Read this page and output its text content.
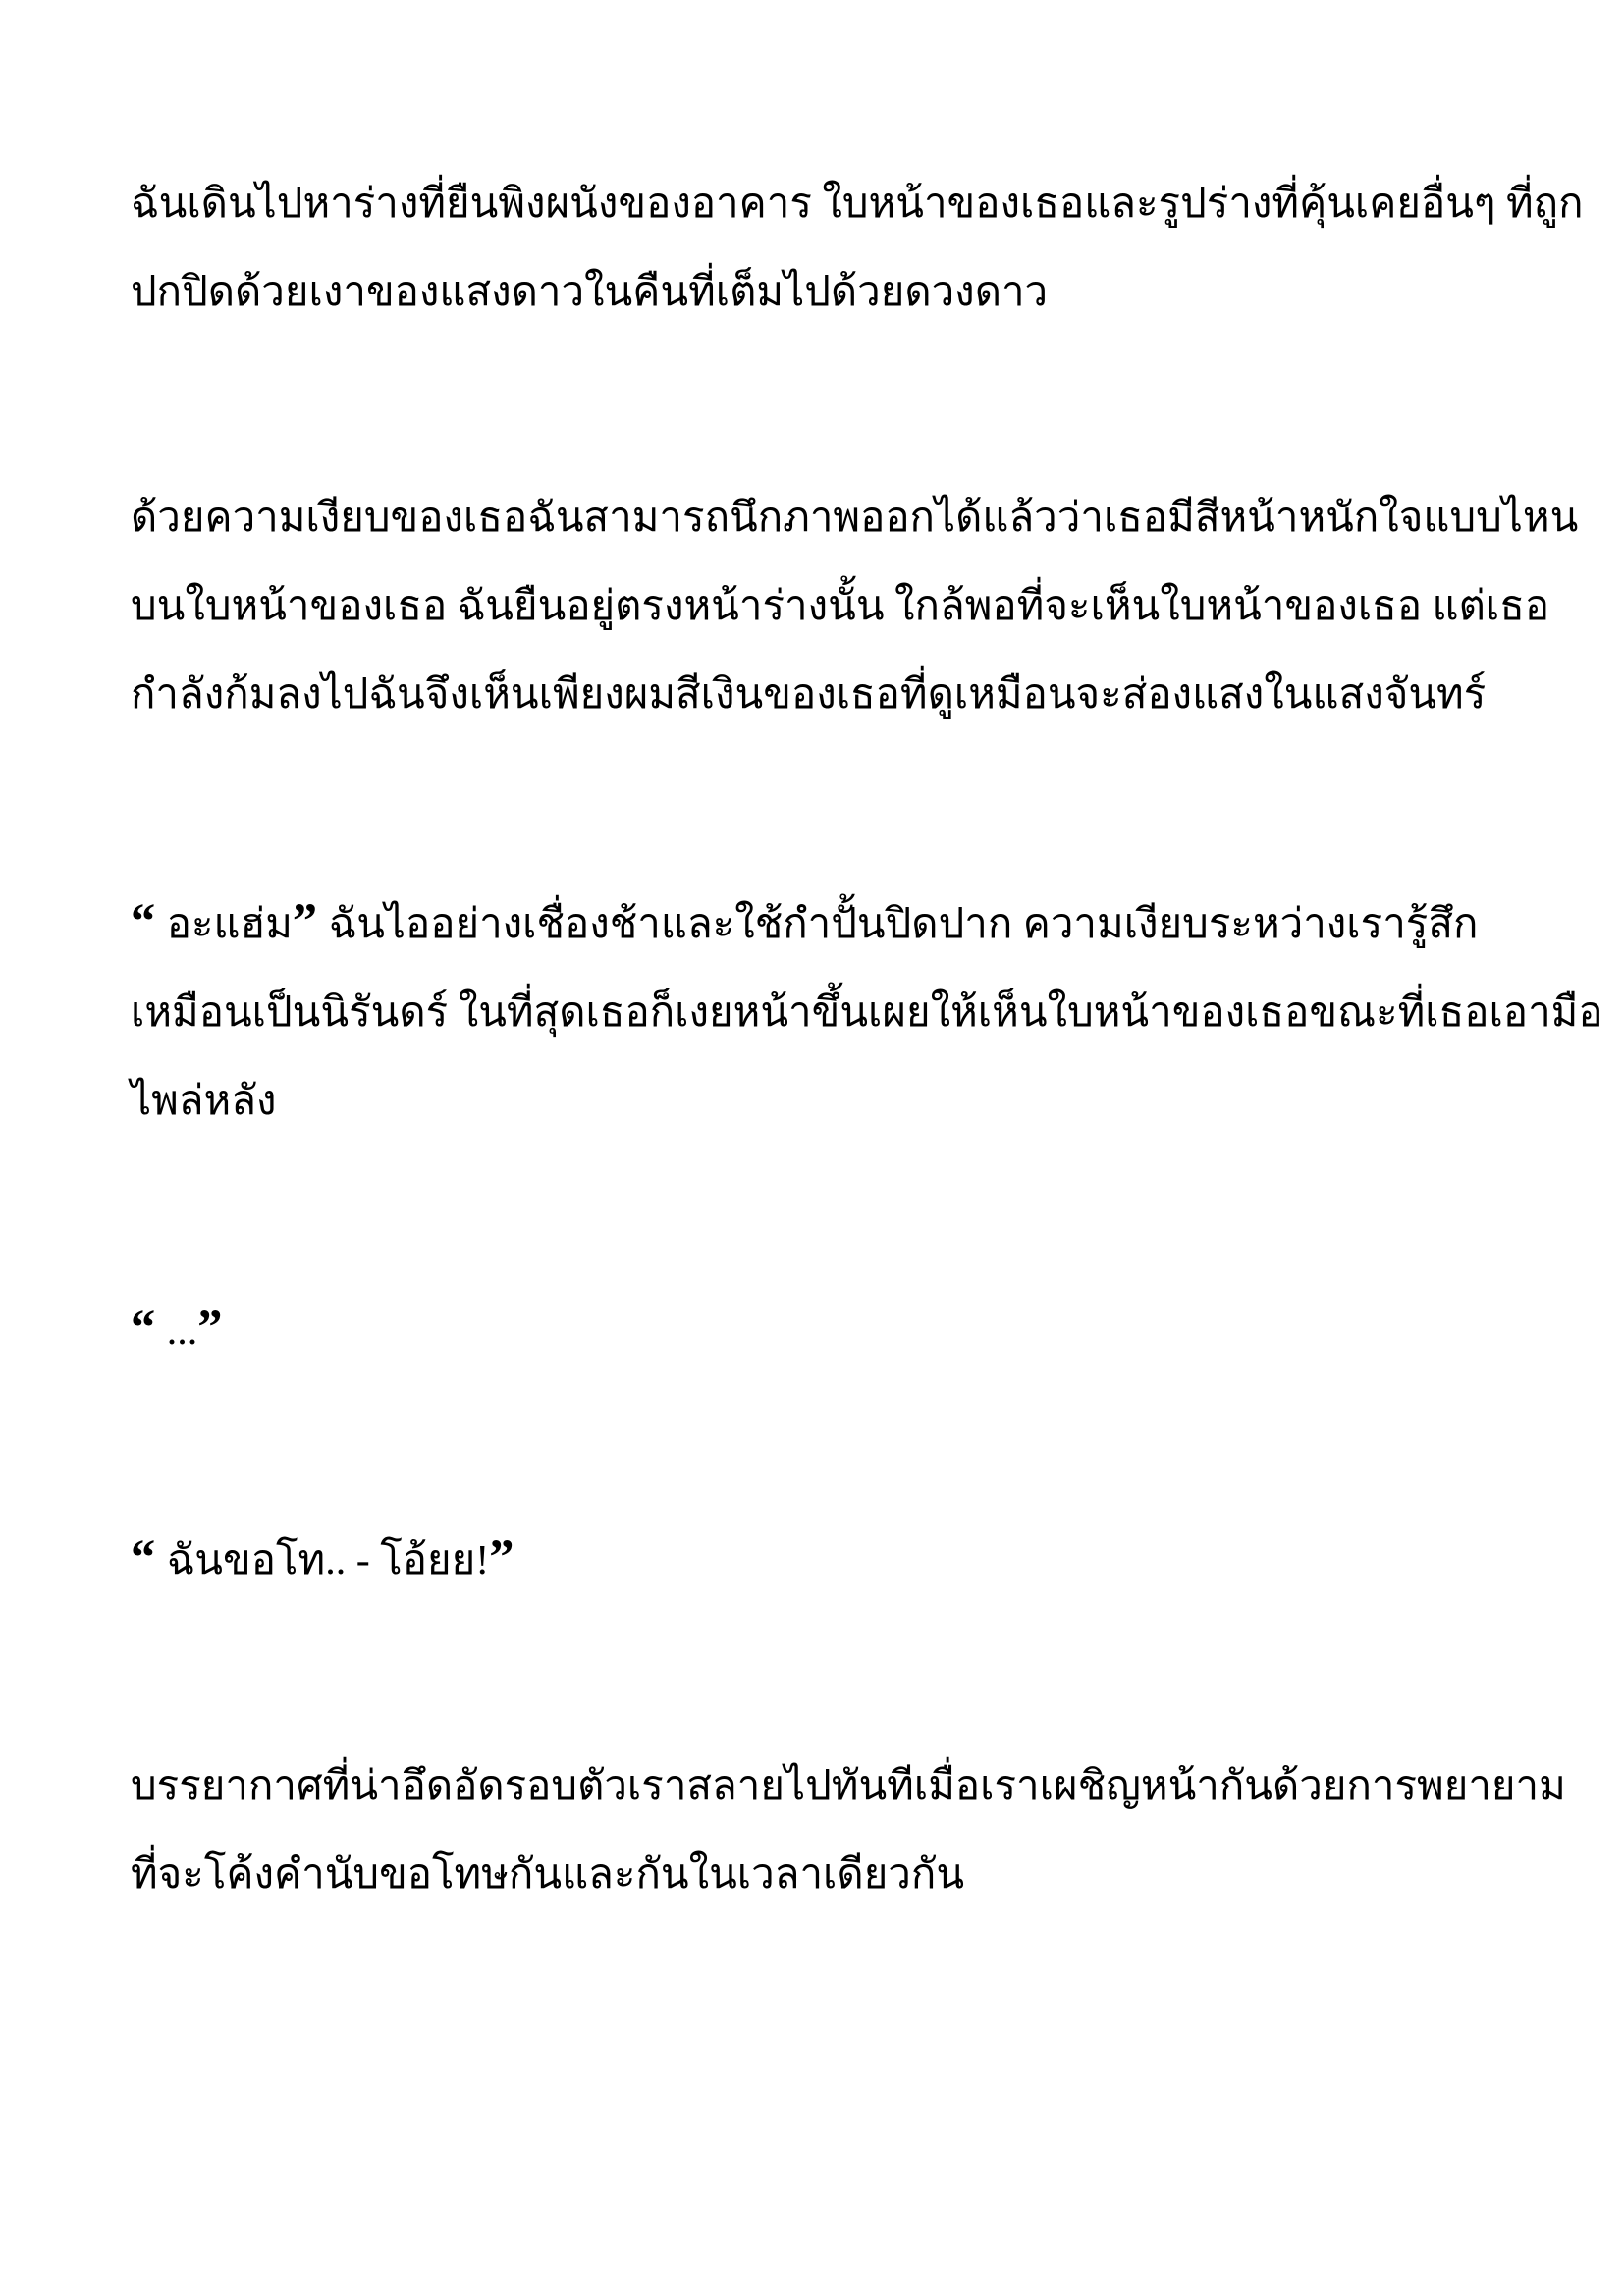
ฉันเดินไปหาร่างที่ยืนพิงผนังของอาคาร ใบหน้าของเธอและรูปร่างที่คุ้นเคยอื่นๆ ที่ถูก
ปกปิดด้วยเงาของแสงดาวในคืนที่เต็มไปด้วยดวงดาว

ด้วยความเงียบของเธอฉันสามารถนึกภาพออกได้แล้วว่าเธอมีสีหน้าหนักใจแบบไหน
บนใบหน้าของเธอ ฉันยืนอยู่ตรงหน้าร่างนั้น ใกล้พอที่จะเห็นใบหน้าของเธอ แต่เธอ
กำลังก้มลงไปฉันจึงเห็นเพียงผมสีเงินของเธอที่ดูเหมือนจะส่องแสงในแสงจันทร์

“ อะแฮ่ม” ฉันไออย่างเชื่องช้าและใช้กำปั้นปิดปาก ความเงียบระหว่างเรารู้สึก
เหมือนเป็นนิรันดร์ ในที่สุดเธอก็เงยหน้าขึ้นเผยให้เห็นใบหน้าของเธอขณะที่เธอเอามือ
ไพล่หลัง

“ ...”

“ ฉันขอโท.. - โอ้ยย!”

บรรยากาศที่น่าอึดอัดรอบตัวเราสลายไปทันทีเมื่อเราเผชิญหน้ากันด้วยการพยายาม
ที่จะโค้งคำนับขอโทษกันและกันในเวลาเดียวกัน
